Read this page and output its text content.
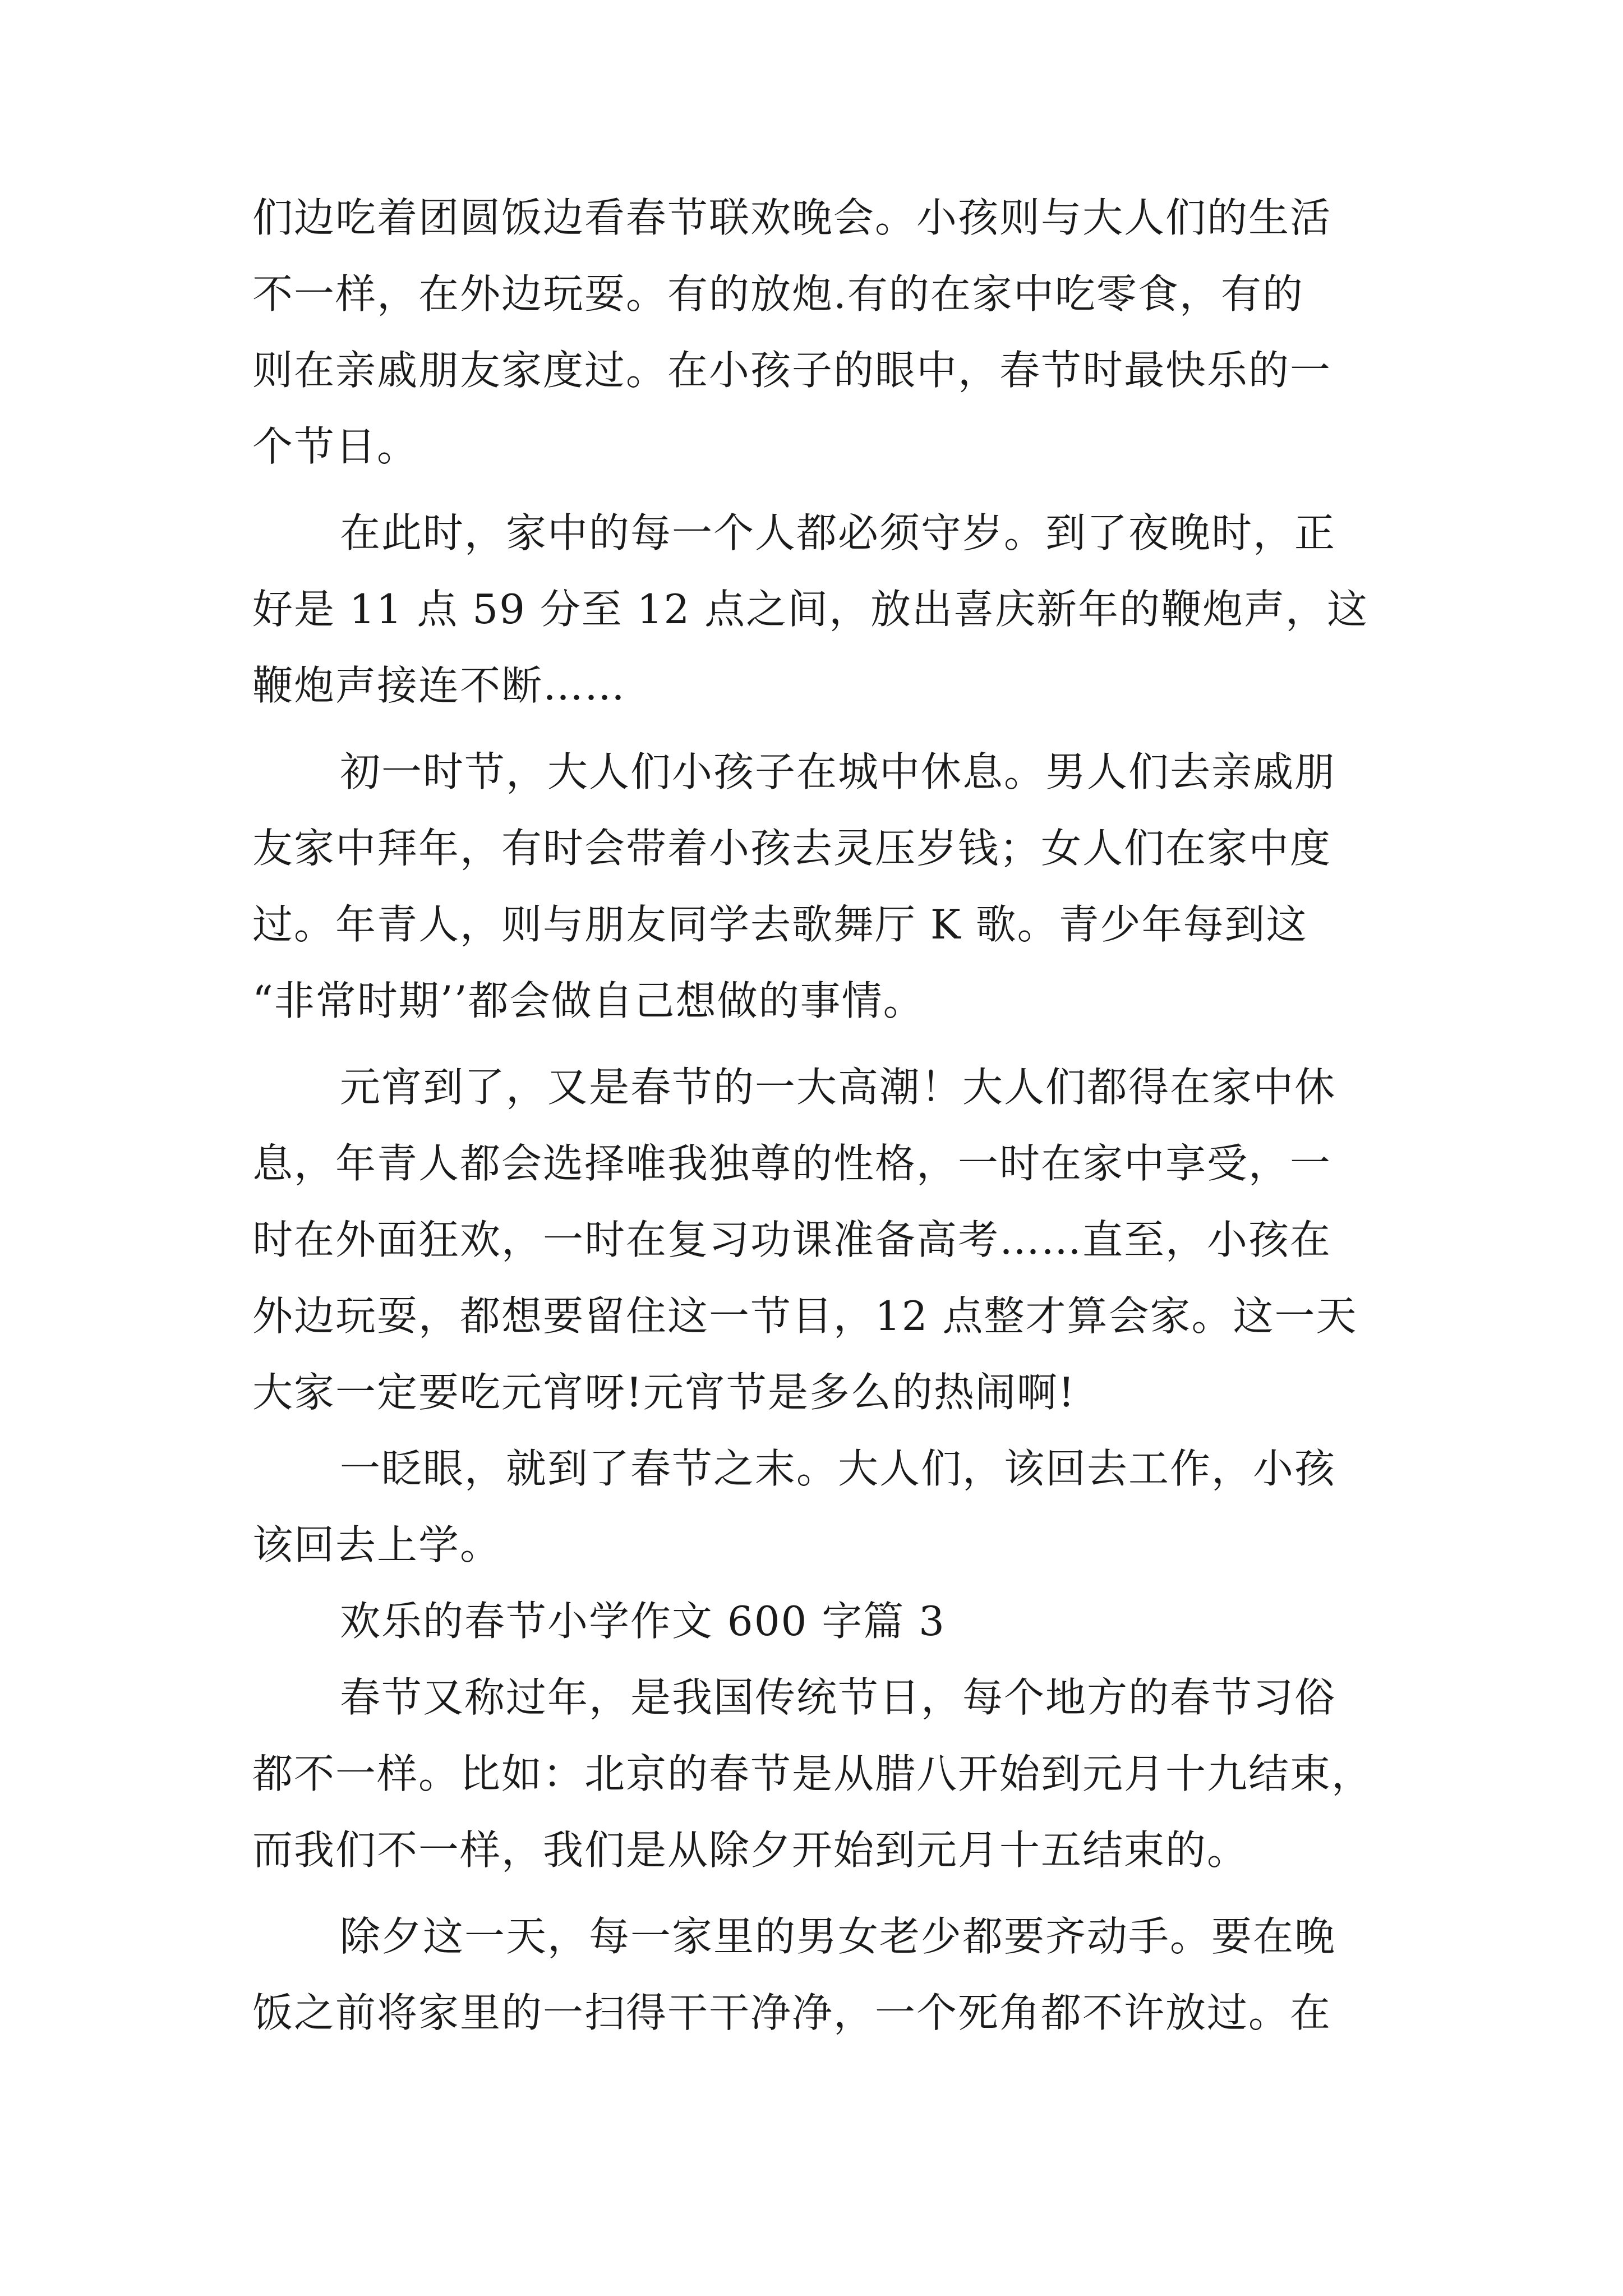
们边吃着团圆饭边看春节联欢晚会。小孩则与大人们的生活
不一样，在外边玩耍。有的放炮.有的在家中吃零食，有的
则在亲戚朋友家度过。在小孩子的眼中，春节时最快乐的一
个节日。
在此时，家中的每一个人都必须守岁。到了夜晚时，正
好是 11 点 59 分至 12 点之间，放出喜庆新年的鞭炮声，这
鞭炮声接连不断……
初一时节，大人们小孩子在城中休息。男人们去亲戚朋
友家中拜年，有时会带着小孩去灵压岁钱；女人们在家中度
过。年青人，则与朋友同学去歌舞厅 K 歌。青少年每到这
“非常时期’’都会做自己想做的事情。
元宵到了，又是春节的一大高潮！大人们都得在家中休
息，年青人都会选择唯我独尊的性格，一时在家中享受，一
时在外面狂欢，一时在复习功课准备高考……直至，小孩在
外边玩耍，都想要留住这一节目，12 点整才算会家。这一天
大家一定要吃元宵呀!元宵节是多么的热闹啊!
一眨眼，就到了春节之末。大人们，该回去工作，小孩
该回去上学。
欢乐的春节小学作文 600 字篇 3
春节又称过年，是我国传统节日，每个地方的春节习俗
都不一样。比如：北京的春节是从腊八开始到元月十九结束，
而我们不一样，我们是从除夕开始到元月十五结束的。
除夕这一天，每一家里的男女老少都要齐动手。要在晚
饭之前将家里的一扫得干干净净，一个死角都不许放过。在
